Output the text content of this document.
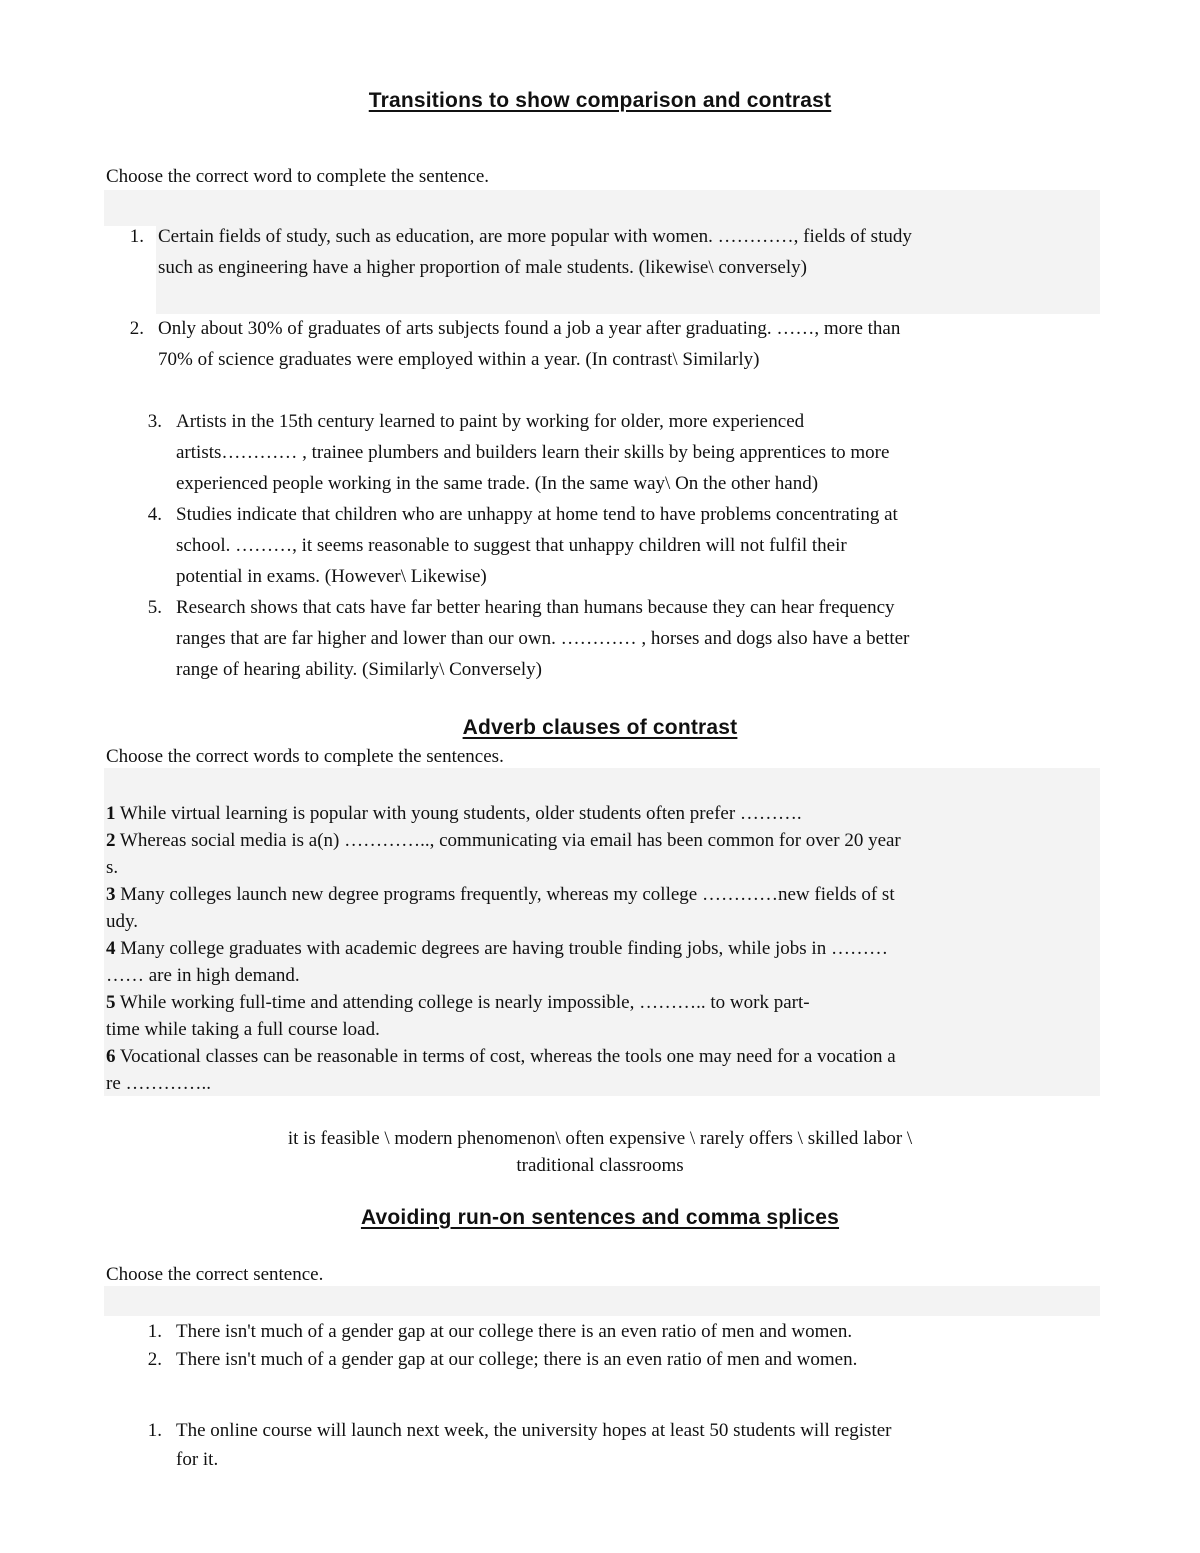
Transitions to show comparison and contrast
Choose the correct word to complete the sentence.
1. Certain fields of study, such as education, are more popular with women. …………, fields of study
such as engineering have a higher proportion of male students. (likewise\ conversely)
2. Only about 30% of graduates of arts subjects found a job a year after graduating. ……, more than
70% of science graduates were employed within a year. (In contrast\ Similarly)
3. Artists in the 15th century learned to paint by working for older, more experienced
artists………… , trainee plumbers and builders learn their skills by being apprentices to more
experienced people working in the same trade. (In the same way\ On the other hand)
4. Studies indicate that children who are unhappy at home tend to have problems concentrating at
school. ………, it seems reasonable to suggest that unhappy children will not fulfil their
potential in exams. (However\ Likewise)
5. Research shows that cats have far better hearing than humans because they can hear frequency
ranges that are far higher and lower than our own. ………… , horses and dogs also have a better
range of hearing ability. (Similarly\ Conversely)
Adverb clauses of contrast
Choose the correct words to complete the sentences.
1 While virtual learning is popular with young students, older students often prefer ……….
2 Whereas social media is a(n) ………….., communicating via email has been common for over 20 year
s.
3 Many colleges launch new degree programs frequently, whereas my college …………new fields of st
udy.
4 Many college graduates with academic degrees are having trouble finding jobs, while jobs in ………
…… are in high demand.
5 While working full-time and attending college is nearly impossible, ……….. to work part-
time while taking a full course load.
6 Vocational classes can be reasonable in terms of cost, whereas the tools one may need for a vocation a
re …………..
it is feasible \ modern phenomenon\ often expensive \ rarely offers \ skilled labor \
traditional classrooms
Avoiding run-on sentences and comma splices
Choose the correct sentence.
1. There isn't much of a gender gap at our college there is an even ratio of men and women.
2. There isn't much of a gender gap at our college; there is an even ratio of men and women.
1. The online course will launch next week, the university hopes at least 50 students will register
for it.
